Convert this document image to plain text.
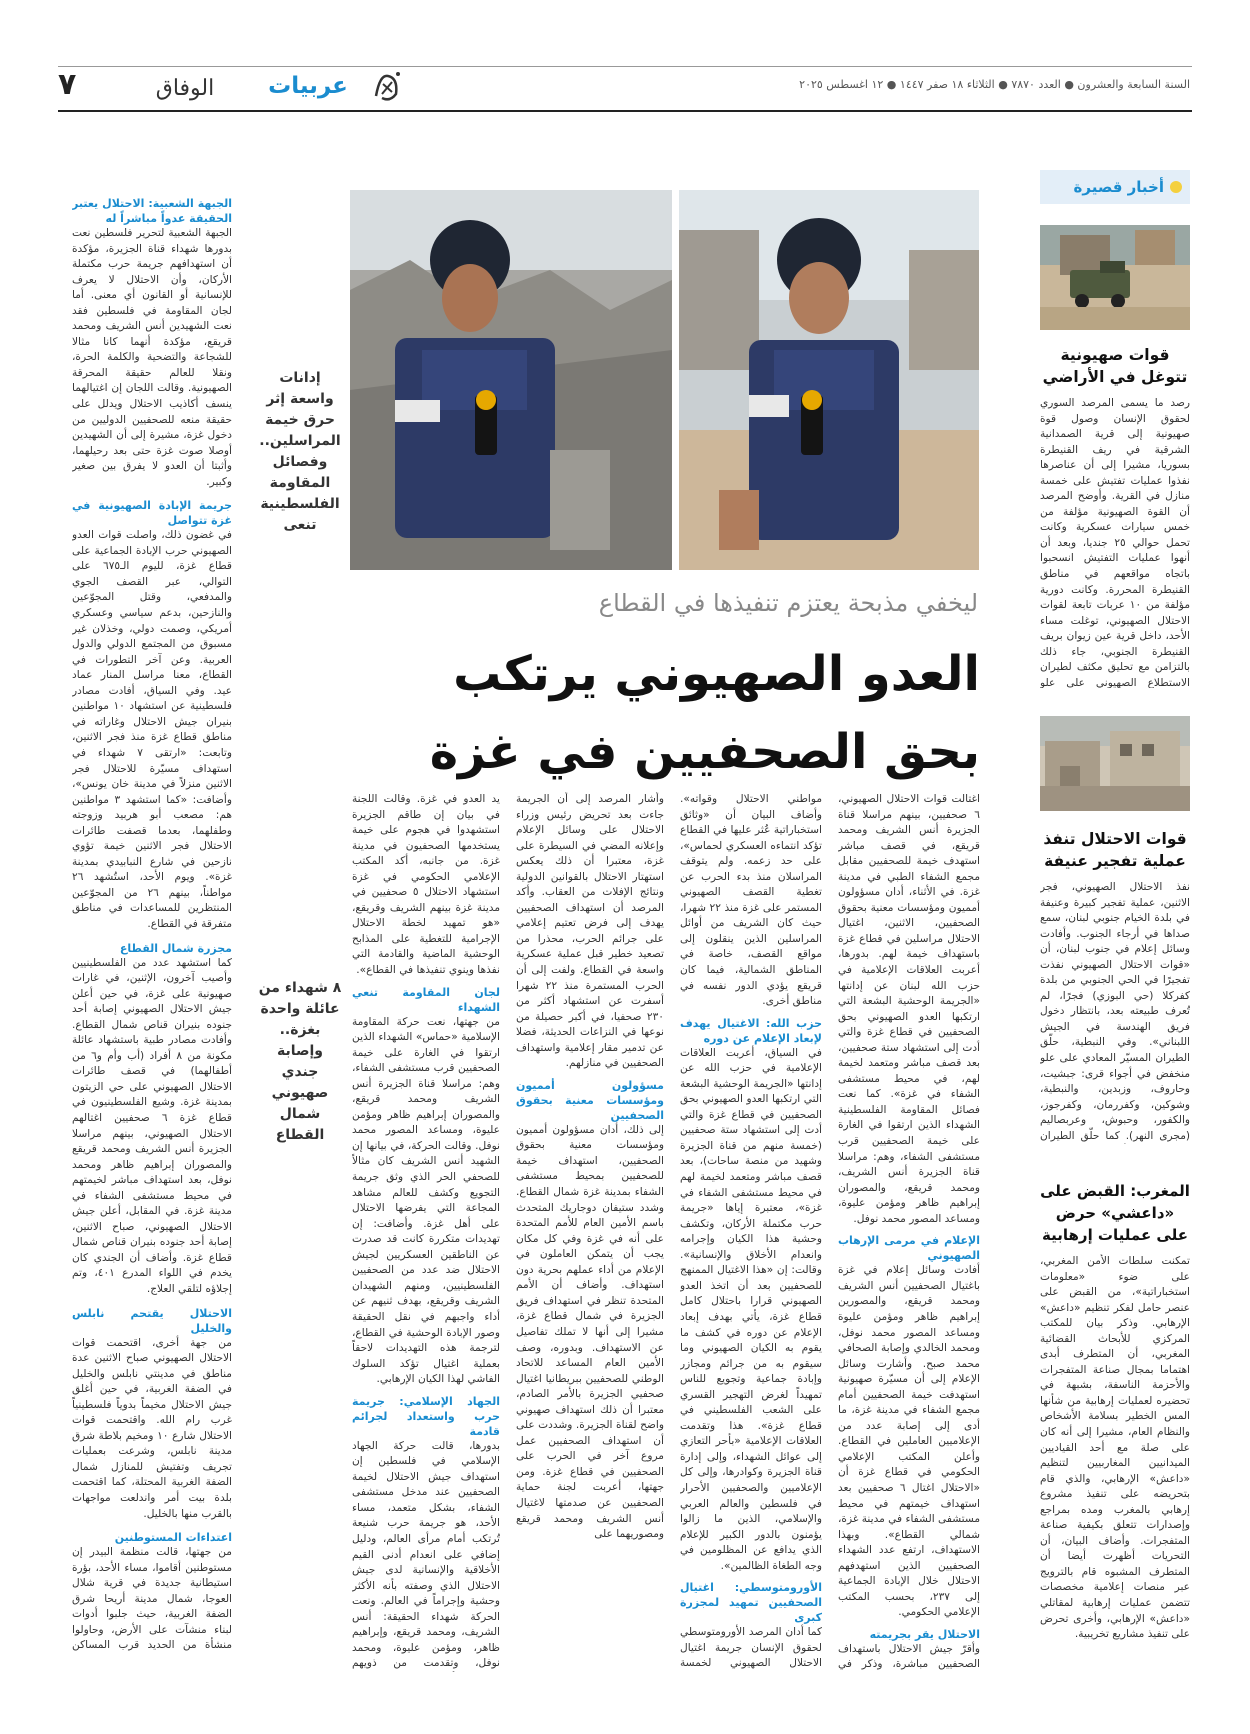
السنة السابعة والعشرون ● العدد ٧٨٧٠ ● الثلاثاء ١٨ صفر ١٤٤٧ ● ١٢ اغسطس ٢٠٢٥
٧	الوفاق	عربيات
أخبار قصيرة
قوات صهيونية تتوغل في الأراضي
رصد ما يسمى المرصد السوري لحقوق الإنسان وصول قوة صهيونية إلى قرية الصمدانية الشرقية في ريف القنيطرة بسوريا، مشيرا إلى أن عناصرها نفذوا عمليات تفتيش على خمسة منازل في القرية. وأوضح المرصد أن القوة الصهيونية مؤلفة من خمس سيارات عسكرية وكانت تحمل حوالي ٢٥ جنديا، وبعد أن أنهوا عمليات التفتيش انسحبوا باتجاه مواقعهم في مناطق القنيطرة المحررة. وكانت دورية مؤلفة من ١٠ عربات تابعة لقوات الاحتلال الصهيوني، توغلت مساء الأحد، داخل قرية عين زيوان بريف القنيطرة الجنوبي، جاء ذلك بالتزامن مع تحليق مكثف لطيران الاستطلاع الصهيوني على علو
قوات الاحتلال تنفذ عملية تفجير عنيفة
نفذ الاحتلال الصهيوني، فجر الاثنين، عملية تفجير كبيرة وعنيفة في بلدة الخيام جنوبي لبنان، سمع صداها في أرجاء الجنوب. وأفادت وسائل إعلام في جنوب لبنان، أن «قوات الاحتلال الصهيوني نفذت تفجيرًا في الحي الجنوبي من بلدة كفركلا (حي البوزي) فجرًا، لم تُعرف طبيعته بعد، بانتظار دخول فريق الهندسة في الجيش اللبناني». وفي النبطية، حلّق الطيران المسيّر المعادي على علو منخفض في أجواء قرى: جبشيت، وحاروف، وزبدين، والنبطية، وشوكين، وكفررمان، وكفرجوز، والكفور، وحبوش، وعربصاليم (مجرى النهر). كما حلّق الطيران
المغرب: القبض على «داعشي» حرض على عمليات إرهابية
تمكنت سلطات الأمن المغربي، على ضوء «معلومات استخباراتية»، من القبض على عنصر حامل لفكر تنظيم «داعش» الإرهابي. وذكر بيان للمكتب المركزي للأبحاث القضائية المغربي، أن المتطرف أبدى اهتماما بمجال صناعة المتفجرات والأحزمة الناسفة، بشبهة في تحضيره لعمليات إرهابية من شأنها المس الخطير بسلامة الأشخاص والنظام العام، مشيرا إلى أنه كان على صلة مع أحد القياديين الميدانيين المغاربيين لتنظيم «داعش» الإرهابي، والذي قام بتحريضه على تنفيذ مشروع إرهابي بالمغرب ومده بمراجع وإصدارات تتعلق بكيفية صناعة المتفجرات. وأضاف البيان، أن التحريات أظهرت أيضا أن المتطرف المشبوه قام بالترويج عبر منصات إعلامية مخصصات تتضمن عمليات إرهابية لمقاتلي «داعش» الإرهابي، وأخرى تحرض على تنفيذ مشاريع تخريبية.
ليخفي مذبحة يعتزم تنفيذها في القطاع
العدو الصهيوني يرتكب
بحق الصحفيين في غزة
إدانات واسعة إثر حرق خيمة المراسلين.. وفصائل المقاومة الفلسطينية تنعى
٨ شهداء من عائلة واحدة بغزة.. وإصابة جندي صهيوني شمال القطاع

اغتالت قوات الاحتلال الصهيوني، ٦ صحفيين، بينهم مراسلا قناة الجزيرة أنس الشريف ومحمد قريقع، في قصف مباشر استهدف خيمة للصحفيين مقابل مجمع الشفاء الطبي في مدينة غزة. في الأثناء، أدان مسؤولون أمميون ومؤسسات معنية بحقوق الصحفيين، الاثنين، اغتيال الاحتلال مراسلين في قطاع غزة باستهداف خيمة لهم. بدورها، أعربت العلاقات الإعلامية في حزب الله لبنان عن إدانتها «الجريمة الوحشية البشعة التي ارتكبها العدو الصهيوني بحق الصحفيين في قطاع غزة والتي أدت إلى استشهاد ستة صحفيين، بعد قصف مباشر ومتعمد لخيمة لهم، في محيط مستشفى الشفاء في غزة». كما نعت فصائل المقاومة الفلسطينية الشهداء الذين ارتقوا في الغارة على خيمة الصحفيين قرب مستشفى الشفاء، وهم: مراسلا قناة الجزيرة أنس الشريف، ومحمد قريقع، والمصوران إبراهيم ظاهر ومؤمن عليوة، ومساعد المصور محمد نوفل.

الإعلام في مرمى الإرهاب الصهيوني

أفادت وسائل إعلام في غزة باغتيال الصحفيين أنس الشريف ومحمد قريقع، والمصورين إبراهيم ظاهر ومؤمن عليوة ومساعد المصور محمد نوفل، ومحمد الخالدي وإصابة الصحافي محمد صبح. وأشارت وسائل الإعلام إلى أن مسيّرة صهيونية استهدفت خيمة الصحفيين أمام مجمع الشفاء في مدينة غزة، ما أدى إلى إصابة عدد من الإعلاميين العاملين في القطاع. وأعلن المكتب الإعلامي الحكومي في قطاع غزة أن «الاحتلال اغتال ٦ صحفيين بعد استهداف خيمتهم في محيط مستشفى الشفاء في مدينة غزة، شمالي القطاع». وبهذا الاستهداف، ارتفع عدد الشهداء الصحفيين الذين استهدفهم الاحتلال خلال الإبادة الجماعية إلى ٢٣٧، بحسب المكتب الإعلامي الحكومي.

الاحتلال يقر بجريمته

وأقرّ جيش الاحتلال باستهداف الصحفيين مباشرة، وذكر في

مواطني الاحتلال وقواته». وأضاف البيان أن «وثائق استخباراتية عُثر عليها في القطاع تؤكد انتماءه العسكري لحماس»، على حد زعمه. ولم يتوقف المراسلان منذ بدء الحرب عن تغطية القصف الصهيوني المستمر على غزة منذ ٢٢ شهرا، حيث كان الشريف من أوائل المراسلين الذين ينقلون إلى مواقع القصف، خاصة في المناطق الشمالية، فيما كان قريقع يؤدي الدور نفسه في مناطق أخرى.

حزب الله: الاغتيال يهدف لإبعاد الإعلام عن دوره

في السياق، أعربت العلاقات الإعلامية في حزب الله عن إدانتها «الجريمة الوحشية البشعة التي ارتكبها العدو الصهيوني بحق الصحفيين في قطاع غزة والتي أدت إلى استشهاد ستة صحفيين (خمسة منهم من قناة الجزيرة وشهيد من منصة ساحات)، بعد قصف مباشر ومتعمد لخيمة لهم في محيط مستشفى الشفاء في غزة»، معتبرة إياها «جريمة حرب مكتملة الأركان، وتكشف وحشية هذا الكيان وإجرامه وانعدام الأخلاق والإنسانية». وقالت: إن «هذا الاغتيال الممنهج للصحفيين بعد أن اتخذ العدو الصهيوني قرارا باحتلال كامل قطاع غزة، يأتي بهدف إبعاد الإعلام عن دوره في كشف ما يقوم به الكيان الصهيوني وما سيقوم به من جرائم ومجازر وإبادة جماعية وتجويع للناس تمهيداً لغرض التهجير القسري على الشعب الفلسطيني في قطاع غزة». هذا وتقدمت العلاقات الإعلامية «بأحر التعازي إلى عوائل الشهداء، وإلى إدارة قناة الجزيرة وكوادرها، وإلى كل الإعلاميين والصحفيين الأحرار في فلسطين والعالم العربي والإسلامي، الذين ما زالوا يؤمنون بالدور الكبير للإعلام الذي يدافع عن المظلومين في وجه الطغاة الظالمين».

الأورومتوسطي: اغتيال الصحفيين تمهيد لمجزرة كبرى

كما أدان المرصد الأورومتوسطي لحقوق الإنسان جريمة اغتيال الاحتلال الصهيوني لخمسة

وأشار المرصد إلى أن الجريمة جاءت بعد تحريض رئيس وزراء الاحتلال على وسائل الإعلام وإعلانه المضي في السيطرة على غزة، معتبرا أن ذلك يعكس استهتار الاحتلال بالقوانين الدولية ونتائج الإفلات من العقاب. وأكد المرصد أن استهداف الصحفيين يهدف إلى فرض تعتيم إعلامي على جرائم الحرب، محذرا من تصعيد خطير قبل عملية عسكرية واسعة في القطاع. ولفت إلى أن الحرب المستمرة منذ ٢٢ شهرا أسفرت عن استشهاد أكثر من ٢٣٠ صحفيا، في أكبر حصيلة من نوعها في النزاعات الحديثة، فضلا عن تدمير مقار إعلامية واستهداف الصحفيين في منازلهم.

مسؤولون أمميون ومؤسسات معنية بحقوق الصحفيين

إلى ذلك، أدان مسؤولون أمميون ومؤسسات معنية بحقوق الصحفيين، استهداف خيمة للصحفيين بمحيط مستشفى الشفاء بمدينة غزة شمال القطاع. وشدد ستيفان دوجاريك المتحدث باسم الأمين العام للأمم المتحدة على أنه في غزة وفي كل مكان يجب أن يتمكن العاملون في الإعلام من أداء عملهم بحرية دون استهداف. وأضاف أن الأمم المتحدة تنظر في استهداف فريق الجزيرة في شمال قطاع غزة، مشيرا إلى أنها لا تملك تفاصيل عن الاستهداف. وبدوره، وصف الأمين العام المساعد للاتحاد الوطني للصحفيين ببريطانيا اغتيال صحفيي الجزيرة بالأمر الصادم، معتبرا أن ذلك استهداف صهيوني واضح لقناة الجزيرة. وشددت على أن استهداف الصحفيين عمل مروع آخر في الحرب على الصحفيين في قطاع غزة. ومن جهتها، أعربت لجنة حماية الصحفيين عن صدمتها لاغتيال أنس الشريف ومحمد قريقع ومصوريهما على

يد العدو في غزة. وقالت اللجنة في بيان إن طاقم الجزيرة استشهدوا في هجوم على خيمة يستخدمها الصحفيون في مدينة غزة. من جانبه، أكد المكتب الإعلامي الحكومي في غزة استشهاد الاحتلال ٥ صحفيين في مدينة غزة بينهم الشريف وقريقع، «هو تمهيد لخطة الاحتلال الإجرامية للتغطية على المذابح الوحشية الماضية والقادمة التي نفذها وينوي تنفيذها في القطاع».

لجان المقاومة تنعي الشهداء

من جهتها، نعت حركة المقاومة الإسلامية «حماس» الشهداء الذين ارتقوا في الغارة على خيمة الصحفيين قرب مستشفى الشفاء، وهم: مراسلا قناة الجزيرة أنس الشريف ومحمد قريقع، والمصوران إبراهيم ظاهر ومؤمن عليوة، ومساعد المصور محمد نوفل. وقالت الحركة، في بيانها إن الشهيد أنس الشريف كان مثالاً للصحفي الحر الذي وثق جريمة التجويع وكشف للعالم مشاهد المجاعة التي يفرضها الاحتلال على أهل غزة. وأضافت: إن تهديدات متكررة كانت قد صدرت عن الناطقين العسكريين لجيش الاحتلال ضد عدد من الصحفيين الفلسطينيين، ومنهم الشهيدان الشريف وقريقع، بهدف ثنيهم عن أداء واجبهم في نقل الحقيقة وصور الإبادة الوحشية في القطاع، لترجمة هذه التهديدات لاحقاً بعملية اغتيال تؤكد السلوك الفاشي لهذا الكيان الإرهابي.

الجهاد الإسلامي: جريمة حرب واستعداد لجرائم قادمة

بدورها، قالت حركة الجهاد الإسلامي في فلسطين إن استهداف جيش الاحتلال لخيمة الصحفيين عند مدخل مستشفى الشفاء، بشكل متعمد، مساء الأحد، هو جريمة حرب شنيعة تُرتكب أمام مرأى العالم، ودليل إضافي على انعدام أدنى القيم الأخلاقية والإنسانية لدى جيش الاحتلال الذي وصفته بأنه الأكثر وحشية وإجراماً في العالم. ونعت الحركة شهداء الحقيقة: أنس الشريف، ومحمد قريقع، وإبراهيم ظاهر، ومؤمن عليوة، ومحمد نوفل، وتقدمت من ذويهم

الجبهة الشعبية: الاحتلال يعتبر الحقيقة عدواً مباشراً له

الجبهة الشعبية لتحرير فلسطين نعت بدورها شهداء قناة الجزيرة، مؤكدة أن استهدافهم جريمة حرب مكتملة الأركان، وأن الاحتلال لا يعرف للإنسانية أو القانون أي معنى. أما لجان المقاومة في فلسطين فقد نعت الشهيدين أنس الشريف ومحمد قريقع، مؤكدة أنهما كانا مثالا للشجاعة والتضحية والكلمة الحرة، ونقلا للعالم حقيقة المحرقة الصهيونية. وقالت اللجان إن اغتيالهما ينسف أكاذيب الاحتلال ويدلل على حقيقة منعه للصحفيين الدوليين من دخول غزة، مشيرة إلى أن الشهيدين أوصلا صوت غزة حتى بعد رحيلهما، وأثبتا أن العدو لا يفرق بين صغير وكبير.

جريمة الإبادة الصهيونية في غزة تتواصل

في غضون ذلك، واصلت قوات العدو الصهيوني حرب الإبادة الجماعية على قطاع غزة، لليوم الـ٦٧٥ على التوالي، عبر القصف الجوي والمدفعي، وقتل المجوّعين والنازحين، بدعم سياسي وعسكري أمريكي، وصمت دولي، وخذلان غير مسبوق من المجتمع الدولي والدول العربية. وعن آخر التطورات في القطاع، معنا مراسل المنار عماد عيد. وفي السياق، أفادت مصادر فلسطينية عن استشهاد ١٠ مواطنين بنيران جيش الاحتلال وغاراته في مناطق قطاع غزة منذ فجر الاثنين، وتابعت: «ارتقى ٧ شهداء في استهداف مسيّرة للاحتلال فجر الاثنين منزلاً في مدينة خان يونس»، وأضافت: «كما استشهد ٣ مواطنين هم: مصعب أبو هربيد وزوجته وطفلهما، بعدما قصفت طائرات الاحتلال فجر الاثنين خيمة تؤوي نازحين في شارع النبابيدي بمدينة غزة». ويوم الأحد، استُشهد ٢٦ مواطناً، بينهم ٢٦ من المجوّعين المنتظرين للمساعدات في مناطق متفرقة في القطاع.

مجزرة شمال القطاع

كما استشهد عدد من الفلسطينيين وأصيب آخرون، الإثنين، في غارات صهيونية على غزة، في حين أعلن جيش الاحتلال الصهيوني إصابة أحد جنوده بنيران قناص شمال القطاع. وأفادت مصادر طبية باستشهاد عائلة مكونة من ٨ أفراد (أب وأم و٦ من أطفالهما) في قصف طائرات الاحتلال الصهيوني على حي الزيتون بمدينة غزة. وشيع الفلسطينيون في قطاع غزة ٦ صحفيين اغتالهم الاحتلال الصهيوني، بينهم مراسلا الجزيرة أنس الشريف ومحمد قريقع والمصوران إبراهيم ظاهر ومحمد نوفل، بعد استهداف مباشر لخيمتهم في محيط مستشفى الشفاء في مدينة غزة. في المقابل، أعلن جيش الاحتلال الصهيوني، صباح الاثنين، إصابة أحد جنوده بنيران قناص شمال قطاع غزة. وأضاف أن الجندي كان يخدم في اللواء المدرع ٤٠١، وتم إجلاؤه لتلقي العلاج.

الاحتلال يقتحم نابلس والخليل

من جهة أخرى، اقتحمت قوات الاحتلال الصهيوني صباح الاثنين عدة مناطق في مدينتي نابلس والخليل في الضفة الغربية، في حين أغلق جيش الاحتلال مخيماً بدوياً فلسطينياً غرب رام الله. واقتحمت قوات الاحتلال شارع ١٠ ومخيم بلاطة شرق مدينة نابلس، وشرعت بعمليات تجريف وتفتيش للمنازل شمال الضفة الغربية المحتلة، كما اقتحمت بلدة بيت أمر واندلعت مواجهات بالقرب منها بالخليل.

اعتداءات المستوطنين

من جهتها، قالت منظمة البيدر إن مستوطنين أقاموا، مساء الأحد، بؤرة استيطانية جديدة في قرية شلال العوجا، شمال مدينة أريحا شرق الضفة الغربية، حيث جلبوا أدوات لبناء منشآت على الأرض، وحاولوا منشأة من الحديد قرب المساكن
